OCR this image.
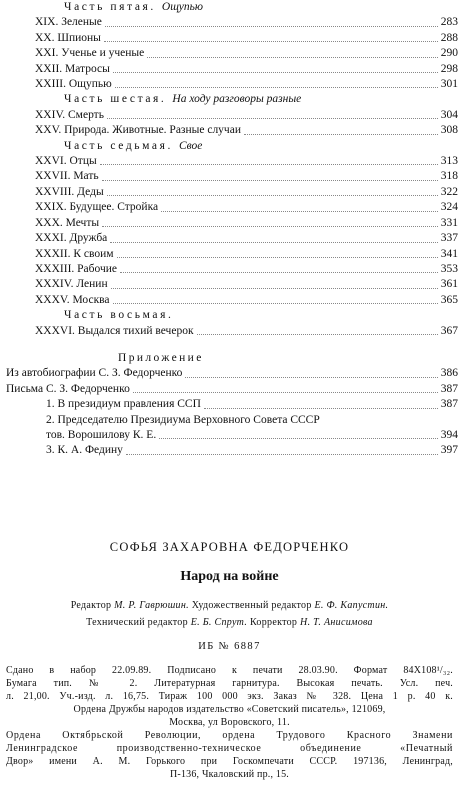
Часть пятая. Ощупью
XIX. Зеленые	283
XX. Шпионы	288
XXI. Ученье и ученые	290
XXII. Матросы	298
XXIII. Ощупью	301
Часть шестая. На ходу разговоры разные
XXIV. Смерть	304
XXV. Природа. Животные. Разные случаи	308
Часть седьмая. Свое
XXVI. Отцы	313
XXVII. Мать	318
XXVIII. Деды	322
XXIX. Будущее. Стройка	324
XXX. Мечты	331
XXXI. Дружба	337
XXXII. К своим	341
XXXIII. Рабочие	353
XXXIV. Ленин	361
XXXV. Москва	365
Часть восьмая.
XXXVI. Выдался тихий вечерок	367
Приложение
Из автобиографии С. З. Федорченко	386
Письма С. З. Федорченко	387
1. В президиум правления ССП	387
2. Председателю Президиума Верховного Совета СССР
тов. Ворошилову К. Е.	394
3. К. А. Федину	397
СОФЬЯ ЗАХАРОВНА ФЕДОРЧЕНКО
Народ на войне
Редактор М. Р. Гаврюшин. Художественный редактор Е. Ф. Капустин.
Технический редактор Е. Б. Спрут. Корректор Н. Т. Анисимова
ИБ № 6887
Сдано в набор 22.09.89. Подписано к печати 28.03.90. Формат 84X108¹/₃₂.
Бумага тип. № 2. Литературная гарнитура. Высокая печать. Усл. печ.
л. 21,00. Уч.-изд. л. 16,75. Тираж 100 000 экз. Заказ № 328. Цена 1 р. 40 к.
Ордена Дружбы народов издательство «Советский писатель», 121069,
Москва, ул Воровского, 11.
Ордена Октябрьской Революции, ордена Трудового Красного Знамени
Ленинградское производственно-техническое объединение «Печатный
Двор» имени А. М. Горького при Госкомпечати СССР. 197136, Ленинград,
П-136, Чкаловский пр., 15.
